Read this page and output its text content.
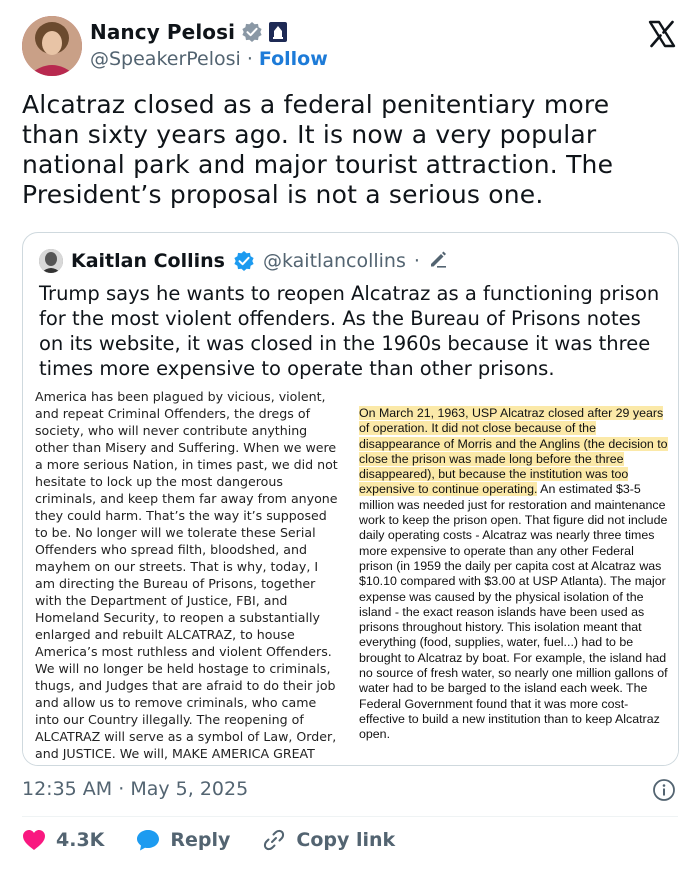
Nancy Pelosi
@SpeakerPelosi · Follow
Alcatraz closed as a federal penitentiary more than sixty years ago. It is now a very popular national park and major tourist attraction. The President’s proposal is not a serious one.
Kaitlan Collins @kaitlancollins ·
Trump says he wants to reopen Alcatraz as a functioning prison for the most violent offenders. As the Bureau of Prisons notes on its website, it was closed in the 1960s because it was three times more expensive to operate than other prisons.
America has been plagued by vicious, violent, and repeat Criminal Offenders, the dregs of society, who will never contribute anything other than Misery and Suffering. When we were a more serious Nation, in times past, we did not hesitate to lock up the most dangerous criminals, and keep them far away from anyone they could harm. That’s the way it’s supposed to be. No longer will we tolerate these Serial Offenders who spread filth, bloodshed, and mayhem on our streets. That is why, today, I am directing the Bureau of Prisons, together with the Department of Justice, FBI, and Homeland Security, to reopen a substantially enlarged and rebuilt ALCATRAZ, to house America’s most ruthless and violent Offenders. We will no longer be held hostage to criminals, thugs, and Judges that are afraid to do their job and allow us to remove criminals, who came into our Country illegally. The reopening of ALCATRAZ will serve as a symbol of Law, Order, and JUSTICE. We will, MAKE AMERICA GREAT
On March 21, 1963, USP Alcatraz closed after 29 years of operation. It did not close because of the disappearance of Morris and the Anglins (the decision to close the prison was made long before the three disappeared), but because the institution was too expensive to continue operating. An estimated $3-5 million was needed just for restoration and maintenance work to keep the prison open. That figure did not include daily operating costs - Alcatraz was nearly three times more expensive to operate than any other Federal prison (in 1959 the daily per capita cost at Alcatraz was $10.10 compared with $3.00 at USP Atlanta). The major expense was caused by the physical isolation of the island - the exact reason islands have been used as prisons throughout history. This isolation meant that everything (food, supplies, water, fuel...) had to be brought to Alcatraz by boat. For example, the island had no source of fresh water, so nearly one million gallons of water had to be barged to the island each week. The Federal Government found that it was more cost-effective to build a new institution than to keep Alcatraz open.
12:35 AM · May 5, 2025
4.3K	Reply	Copy link
